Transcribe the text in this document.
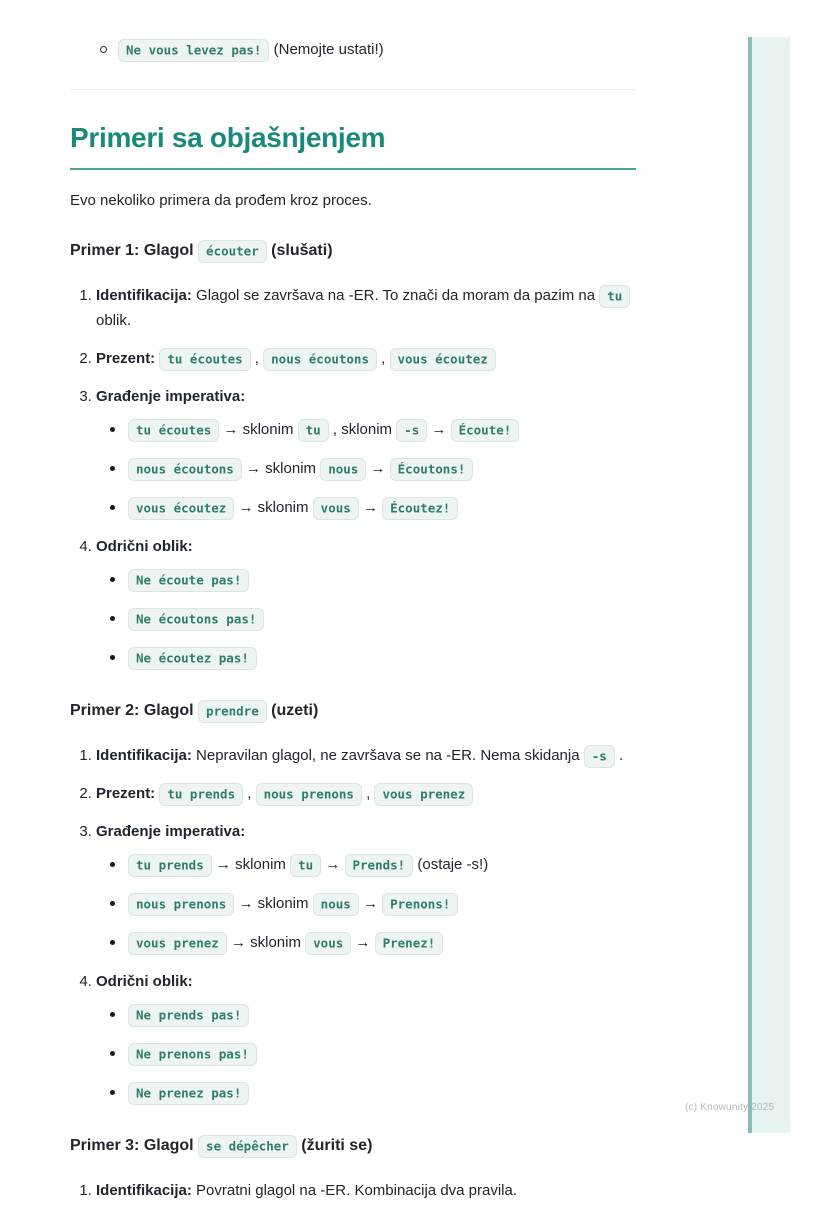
(c) Knowunity 2025
Ne vous levez pas! (Nemojte ustati!)
Primeri sa objašnjenjem

Evo nekoliko primera da prođem kroz proces.

Primer 1: Glagol écouter (slušati)
1. Identifikacija: Glagol se završava na -ER. To znači da moram da pazim na tu oblik.
2. Prezent: tu écoutes , nous écoutons , vous écoutez
3. Građenje imperativa:
tu écoutes → sklonim tu , sklonim -s → Écoute!
nous écoutons → sklonim nous → Écoutons!
vous écoutez → sklonim vous → Écoutez!
4. Odrični oblik:
Ne écoute pas!
Ne écoutons pas!
Ne écoutez pas!
Primer 2: Glagol prendre (uzeti)
1. Identifikacija: Nepravilan glagol, ne završava se na -ER. Nema skidanja -s .
2. Prezent: tu prends , nous prenons , vous prenez
3. Građenje imperativa:
tu prends → sklonim tu → Prends! (ostaje -s!)
nous prenons → sklonim nous → Prenons!
vous prenez → sklonim vous → Prenez!
4. Odrični oblik:
Ne prends pas!
Ne prenons pas!
Ne prenez pas!
Primer 3: Glagol se dépêcher (žuriti se)
1. Identifikacija: Povratni glagol na -ER. Kombinacija dva pravila.
